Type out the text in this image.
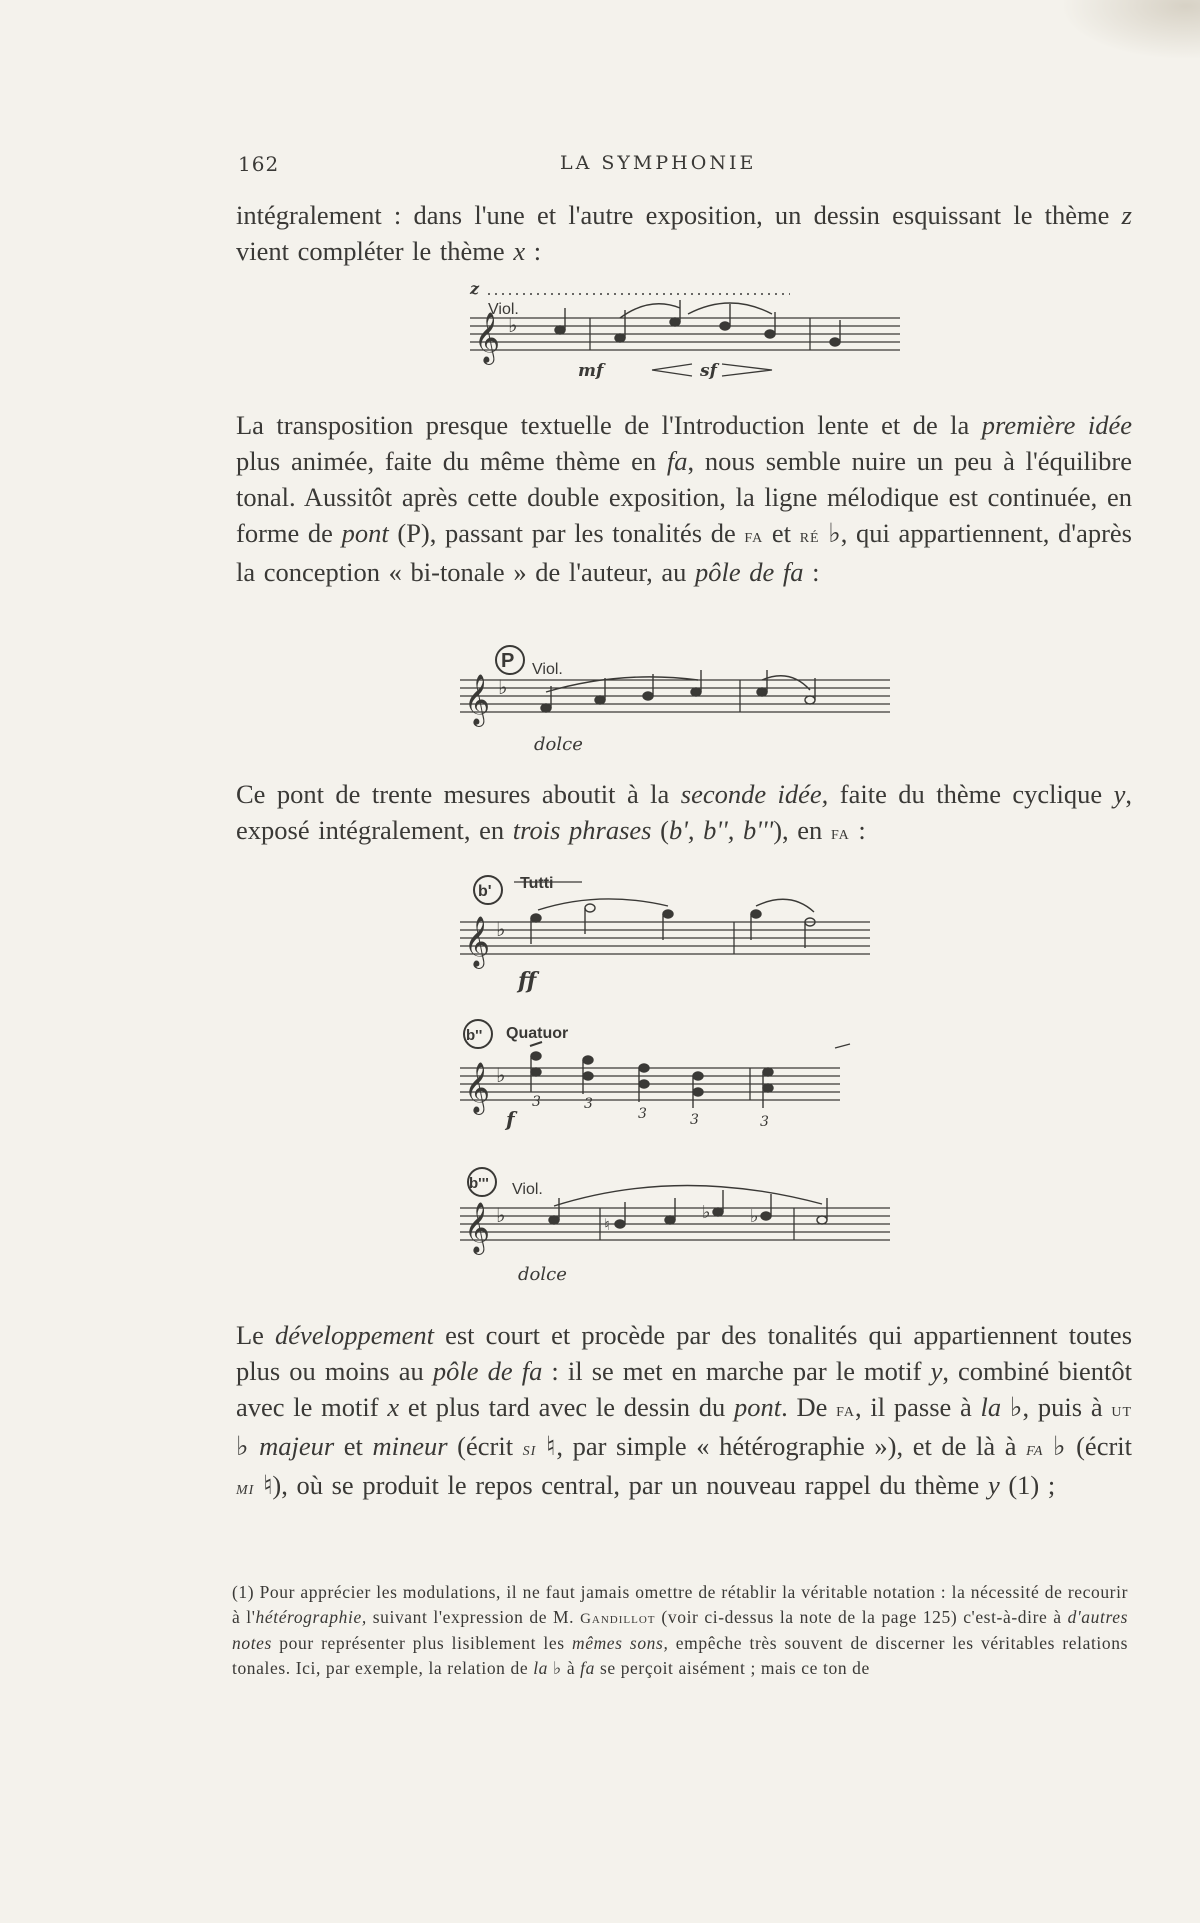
162	LA SYMPHONIE

intégralement : dans l'une et l'autre exposition, un dessin esquissant le thème z vient compléter le thème x :

𝄞 ♭
z
Viol.
mf	sf

La transposition presque textuelle de l'Introduction lente et de la première idée plus animée, faite du même thème en fa, nous semble nuire un peu à l'équilibre tonal. Aussitôt après cette double exposition, la ligne mélodique est continuée, en forme de pont (P), passant par les tonalités de fa et ré ♭, qui appartiennent, d'après la conception « bi-tonale » de l'auteur, au pôle de fa :

P Viol.
𝄞 ♭
dolce

Ce pont de trente mesures aboutit à la seconde idée, faite du thème cyclique y, exposé intégralement, en trois phrases (b', b'', b'''), en fa :

b' Tutti
𝄞 ♭
ff
b'' Quatuor
𝄞 ♭
3	3
3	3	3
f
b''' Viol.
𝄞 ♭	♮
♭ ♭
dolce

Le développement est court et procède par des tonalités qui appartiennent toutes plus ou moins au pôle de fa : il se met en marche par le motif y, combiné bientôt avec le motif x et plus tard avec le dessin du pont. De fa, il passe à la ♭, puis à ut ♭ majeur et mineur (écrit si ♮, par simple « hétérographie »), et de là à fa ♭ (écrit mi ♮), où se produit le repos central, par un nouveau rappel du thème y (1) ;

(1) Pour apprécier les modulations, il ne faut jamais omettre de rétablir la véritable notation : la nécessité de recourir à l'hétérographie, suivant l'expression de M. Gandillot (voir ci-dessus la note de la page 125) c'est-à-dire à d'autres notes pour représenter plus lisiblement les mêmes sons, empêche très souvent de discerner les véritables relations tonales. Ici, par exemple, la relation de la ♭ à fa se perçoit aisément ; mais ce ton de
